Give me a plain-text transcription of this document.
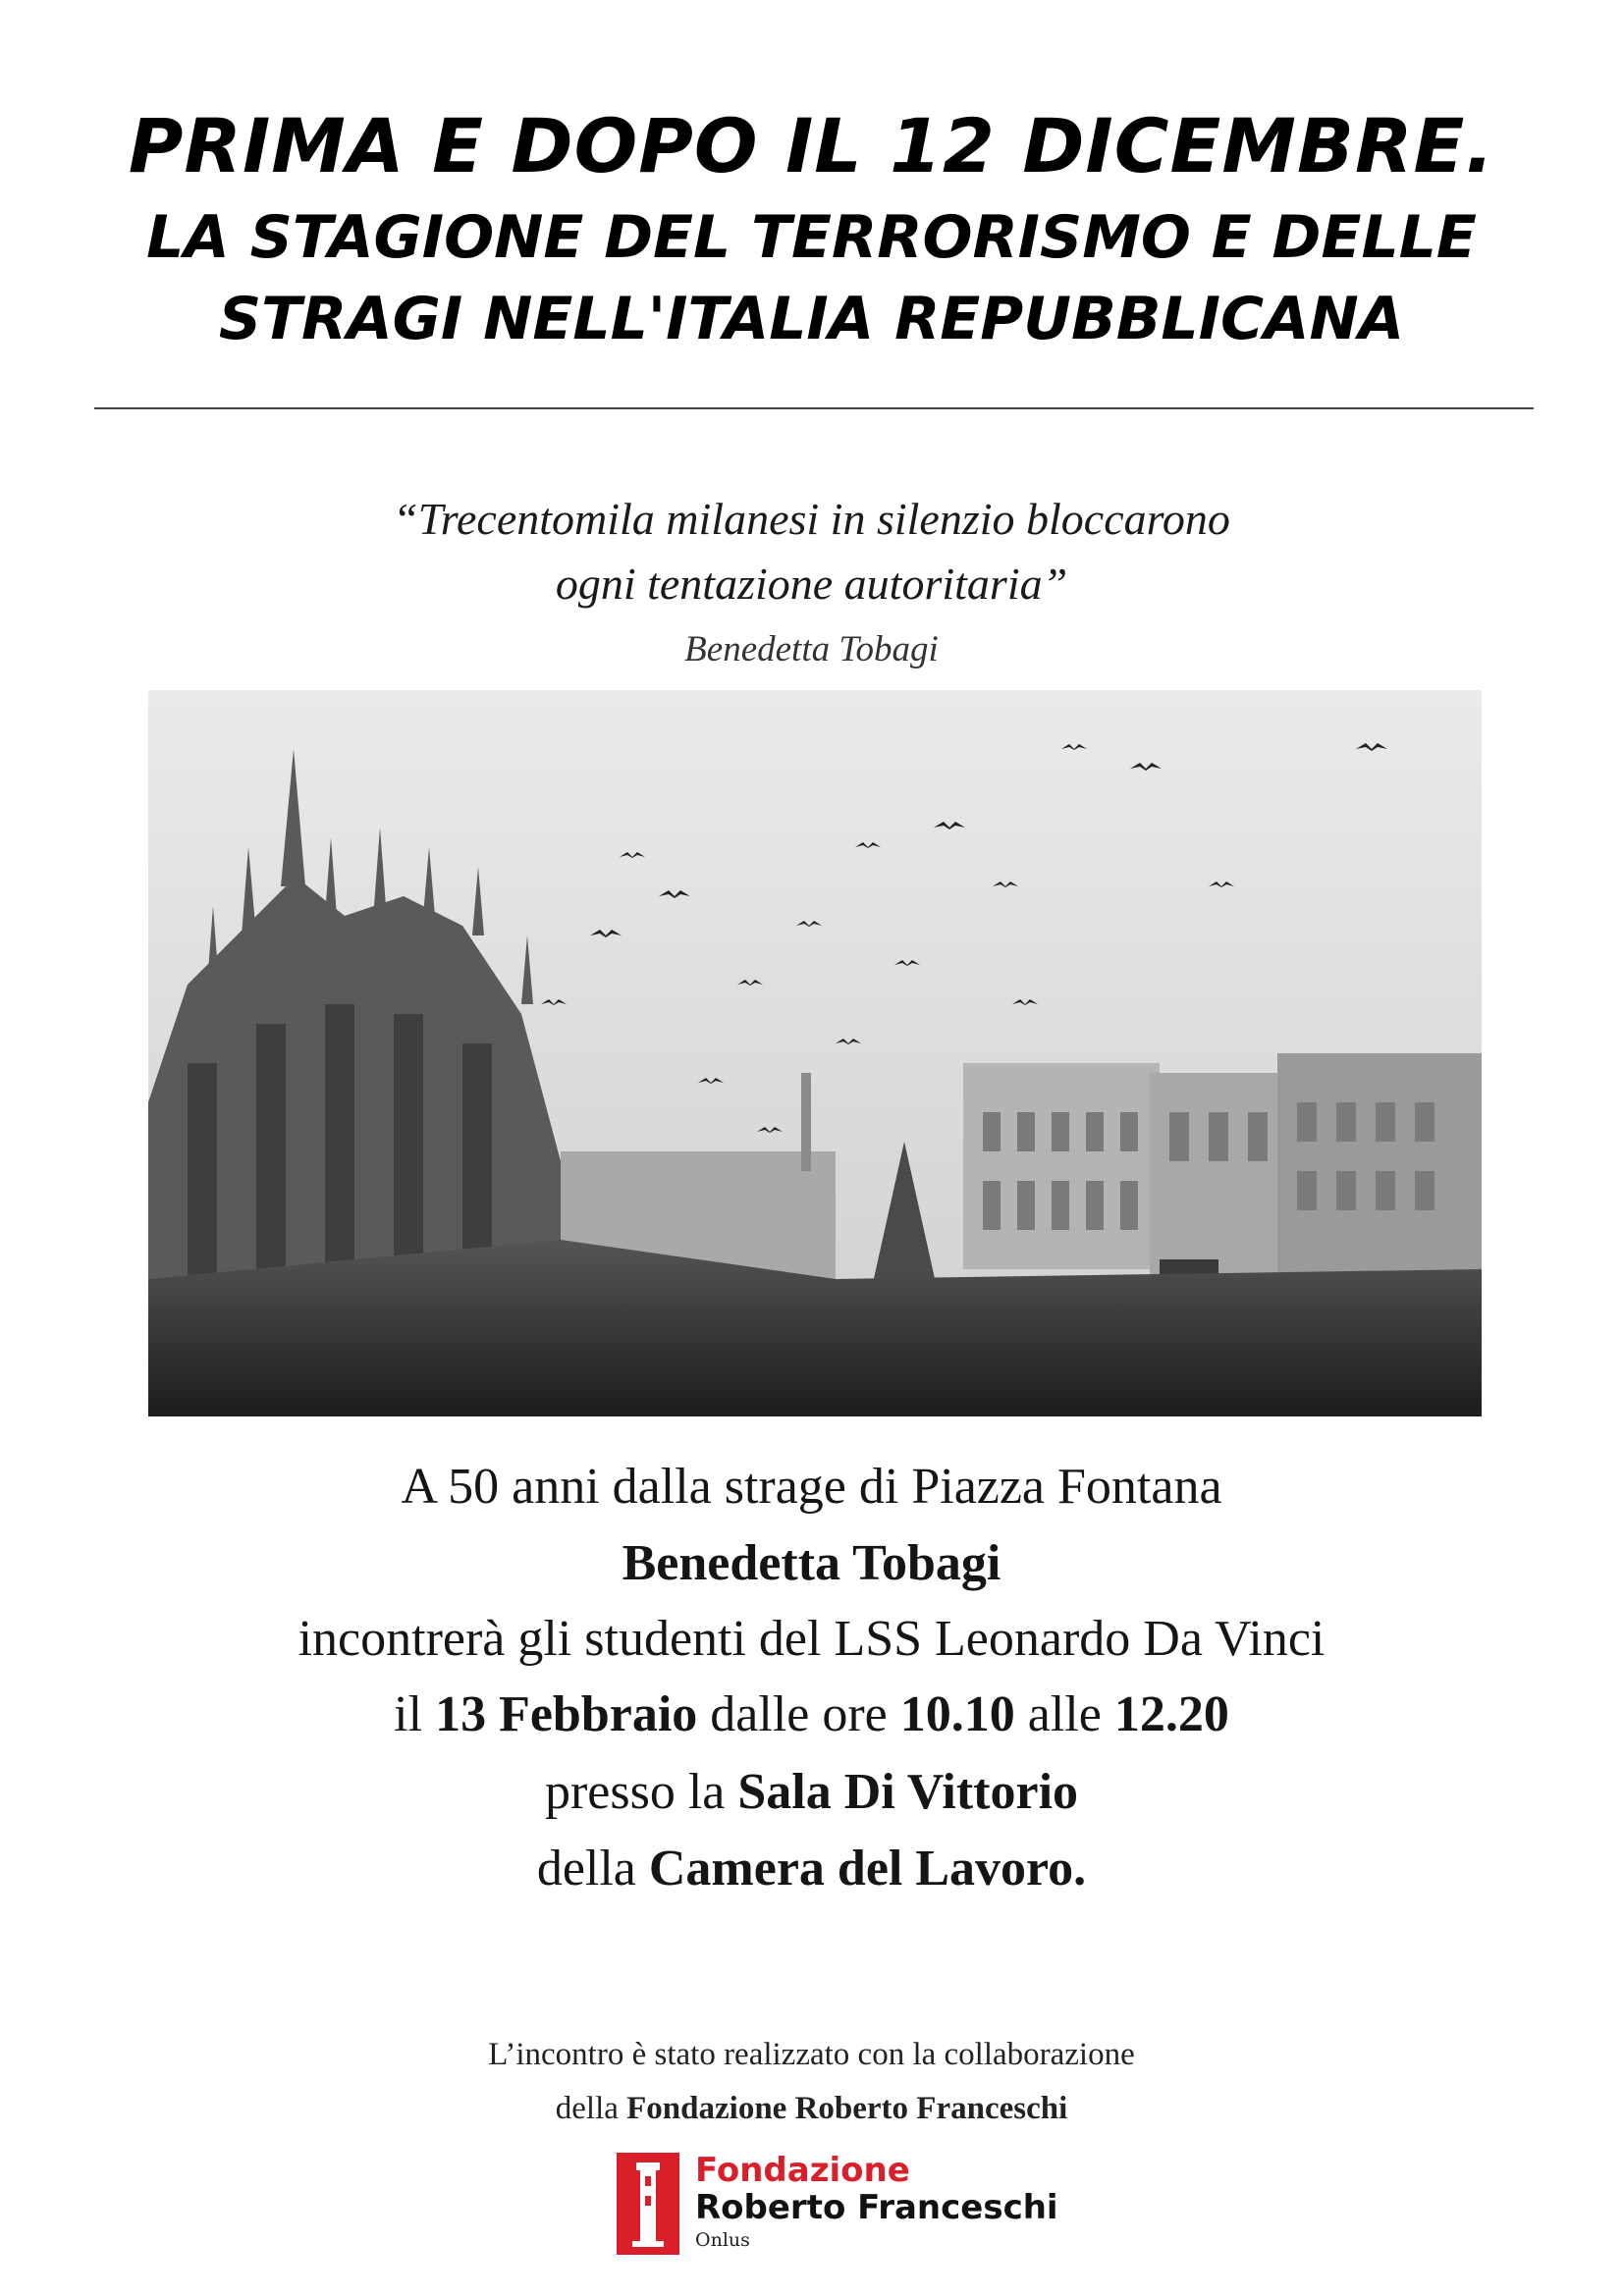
PRIMA E DOPO IL 12 DICEMBRE.
LA STAGIONE DEL TERRORISMO E DELLE
STRAGI NELL'ITALIA REPUBBLICANA
“Trecentomila milanesi in silenzio bloccarono
ogni tentazione autoritaria”
Benedetta Tobagi
A 50 anni dalla strage di Piazza Fontana
Benedetta Tobagi
incontrerà gli studenti del LSS Leonardo Da Vinci
il 13 Febbraio dalle ore 10.10 alle 12.20
presso la Sala Di Vittorio
della Camera del Lavoro.
L’incontro è stato realizzato con la collaborazione
della Fondazione Roberto Franceschi
Fondazione
Roberto Franceschi
Onlus
